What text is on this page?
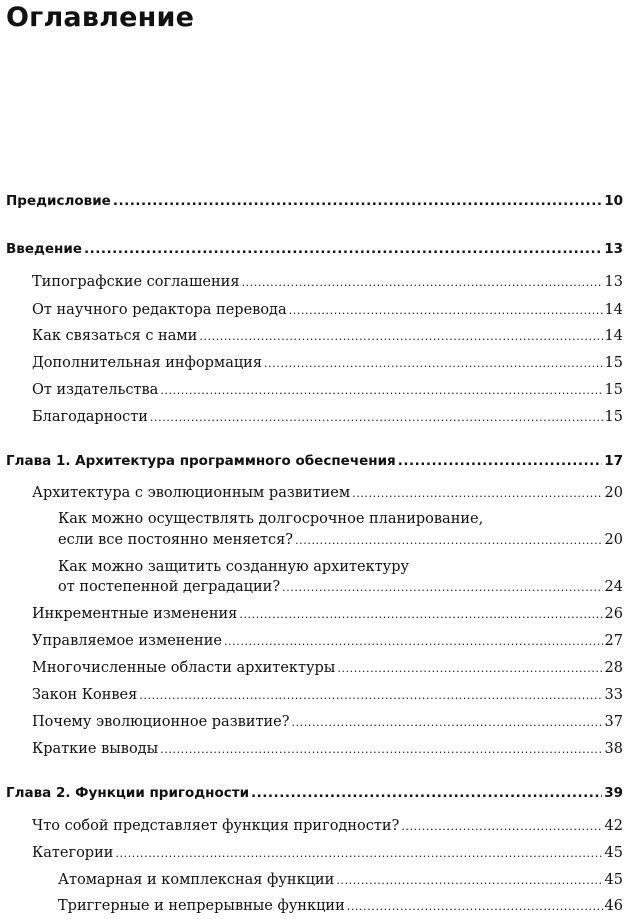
Оглавление
Предисловие .....	10
Введение .....	13
Типографские соглашения .....	13
От научного редактора перевода .....	14
Как связаться с нами .....	14
Дополнительная информация .....	15
От издательства .....	15
Благодарности .....	15
Глава 1. Архитектура программного обеспечения .....	17
Архитектура с эволюционным развитием .....	20
Как можно осуществлять долгосрочное планирование,
если все постоянно меняется? .....	20
Как можно защитить созданную архитектуру
от постепенной деградации? .....	24
Инкрементные изменения .....	26
Управляемое изменение .....	27
Многочисленные области архитектуры .....	28
Закон Конвея .....	33
Почему эволюционное развитие? .....	37
Краткие выводы .....	38
Глава 2. Функции пригодности .....	39
Что собой представляет функция пригодности? .....	42
Категории .....	45
Атомарная и комплексная функции .....	45
Триггерные и непрерывные функции .....	46
